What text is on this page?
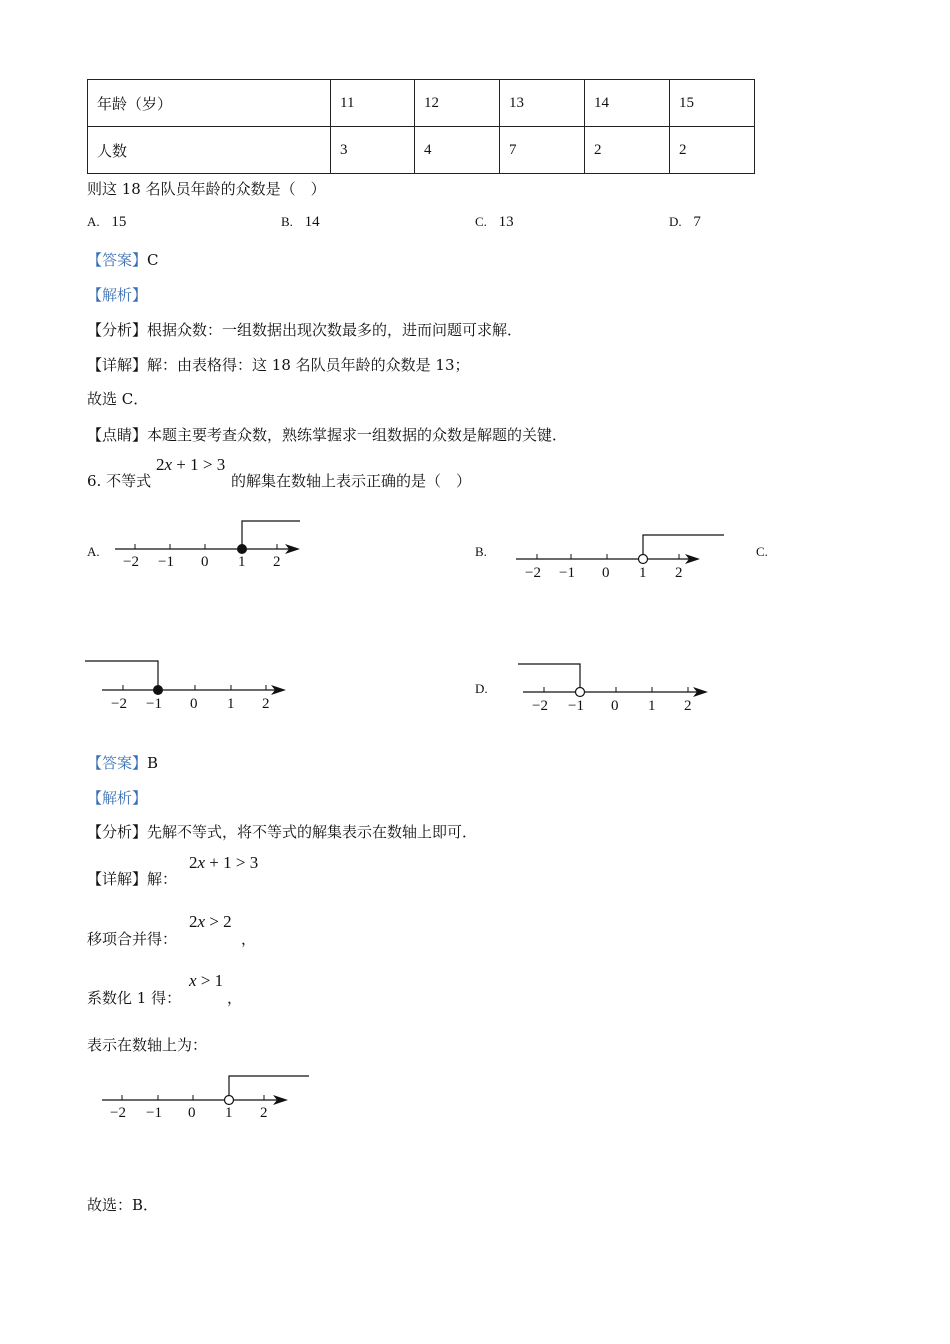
年龄（岁）	11	12	13	14	15
人数	3	4	7	2	2
则这 18 名队员年龄的众数是（　）
A. 15	B. 14	C. 13	D. 7
【答案】C
【解析】
【分析】根据众数：一组数据出现次数最多的，进而问题可求解．
【详解】解：由表格得：这 18 名队员年龄的众数是 13；
故选 C．
【点睛】本题主要考查众数，熟练掌握求一组数据的众数是解题的关键．
6. 不等式
2x + 1 > 3
的解集在数轴上表示正确的是（　）
A.	B.	C.
D.
−2 −1 0 1 2
−2 −1 0 1 2
−2 −1 0 1 2	−2 −1 0 1 2
【答案】B
【解析】
【分析】先解不等式，将不等式的解集表示在数轴上即可．
【详解】解：
2x + 1 > 3
移项合并得：
2x > 2
，
系数化 1 得：
x > 1
，
表示在数轴上为：
−2 −1 0 1 2
故选：B．
